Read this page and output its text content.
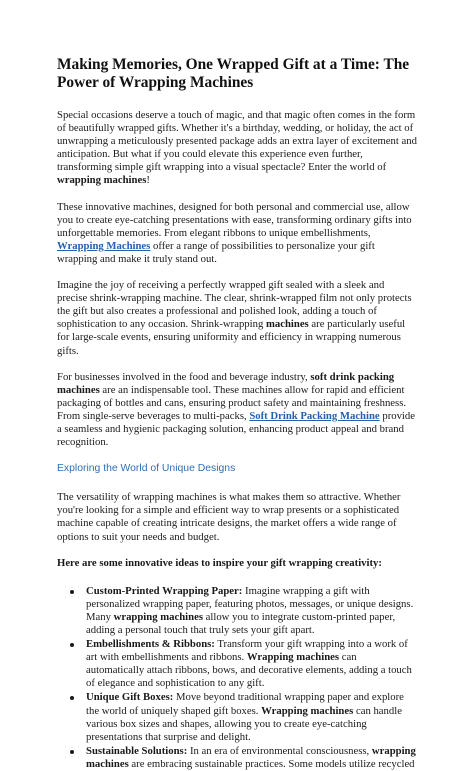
Making Memories, One Wrapped Gift at a Time: The Power of Wrapping Machines

Special occasions deserve a touch of magic, and that magic often comes in the form of beautifully wrapped gifts. Whether it's a birthday, wedding, or holiday, the act of unwrapping a meticulously presented package adds an extra layer of excitement and anticipation. But what if you could elevate this experience even further, transforming simple gift wrapping into a visual spectacle? Enter the world of wrapping machines!

These innovative machines, designed for both personal and commercial use, allow you to create eye-catching presentations with ease, transforming ordinary gifts into unforgettable memories. From elegant ribbons to unique embellishments, Wrapping Machines offer a range of possibilities to personalize your gift wrapping and make it truly stand out.

Imagine the joy of receiving a perfectly wrapped gift sealed with a sleek and precise shrink-wrapping machine. The clear, shrink-wrapped film not only protects the gift but also creates a professional and polished look, adding a touch of sophistication to any occasion. Shrink-wrapping machines are particularly useful for large-scale events, ensuring uniformity and efficiency in wrapping numerous gifts.

For businesses involved in the food and beverage industry, soft drink packing machines are an indispensable tool. These machines allow for rapid and efficient packaging of bottles and cans, ensuring product safety and maintaining freshness. From single-serve beverages to multi-packs, Soft Drink Packing Machine provide a seamless and hygienic packaging solution, enhancing product appeal and brand recognition.

Exploring the World of Unique Designs

The versatility of wrapping machines is what makes them so attractive. Whether you're looking for a simple and efficient way to wrap presents or a sophisticated machine capable of creating intricate designs, the market offers a wide range of options to suit your needs and budget.

Here are some innovative ideas to inspire your gift wrapping creativity:

Custom-Printed Wrapping Paper: Imagine wrapping a gift with personalized wrapping paper, featuring photos, messages, or unique designs. Many wrapping machines allow you to integrate custom-printed paper, adding a personal touch that truly sets your gift apart.
Embellishments & Ribbons: Transform your gift wrapping into a work of art with embellishments and ribbons. Wrapping machines can automatically attach ribbons, bows, and decorative elements, adding a touch of elegance and sophistication to any gift.
Unique Gift Boxes: Move beyond traditional wrapping paper and explore the world of uniquely shaped gift boxes. Wrapping machines can handle various box sizes and shapes, allowing you to create eye-catching presentations that surprise and delight.
Sustainable Solutions: In an era of environmental consciousness, wrapping machines are embracing sustainable practices. Some models utilize recycled
